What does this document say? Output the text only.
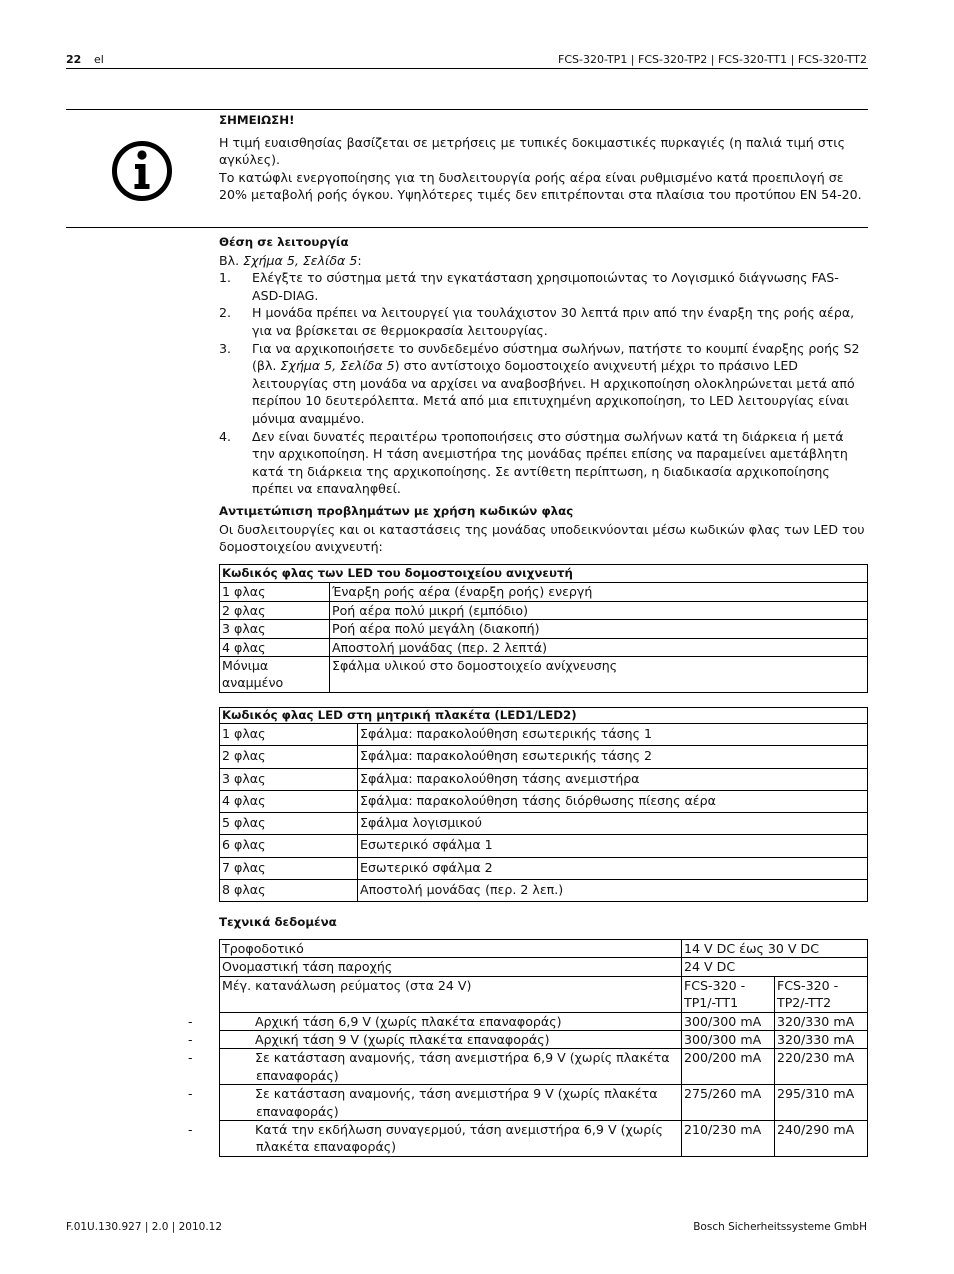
22 el	FCS-320-TP1 | FCS-320-TP2 | FCS-320-TT1 | FCS-320-TT2
ΣΗΜΕΙΩΣΗ!

Η τιμή ευαισθησίας βασίζεται σε μετρήσεις με τυπικές δοκιμαστικές πυρκαγιές (η παλιά τιμή στις αγκύλες).

Το κατώφλι ενεργοποίησης για τη δυσλειτουργία ροής αέρα είναι ρυθμισμένο κατά προεπιλογή σε 20% μεταβολή ροής όγκου. Υψηλότερες τιμές δεν επιτρέπονται στα πλαίσια του προτύπου EN 54-20.

Θέση σε λειτουργία

Βλ. Σχήμα 5, Σελίδα 5:

1. Ελέγξτε το σύστημα μετά την εγκατάσταση χρησιμοποιώντας το Λογισμικό διάγνωσης FAS-ASD-DIAG.
2. Η μονάδα πρέπει να λειτουργεί για τουλάχιστον 30 λεπτά πριν από την έναρξη της ροής αέρα, για να βρίσκεται σε θερμοκρασία λειτουργίας.
3. Για να αρχικοποιήσετε το συνδεδεμένο σύστημα σωλήνων, πατήστε το κουμπί έναρξης ροής S2 (βλ. Σχήμα 5, Σελίδα 5) στο αντίστοιχο δομοστοιχείο ανιχνευτή μέχρι το πράσινο LED λειτουργίας στη μονάδα να αρχίσει να αναβοσβήνει. Η αρχικοποίηση ολοκληρώνεται μετά από περίπου 10 δευτερόλεπτα. Μετά από μια επιτυχημένη αρχικοποίηση, το LED λειτουργίας είναι μόνιμα αναμμένο.
4. Δεν είναι δυνατές περαιτέρω τροποποιήσεις στο σύστημα σωλήνων κατά τη διάρκεια ή μετά την αρχικοποίηση. Η τάση ανεμιστήρα της μονάδας πρέπει επίσης να παραμείνει αμετάβλητη κατά τη διάρκεια της αρχικοποίησης. Σε αντίθετη περίπτωση, η διαδικασία αρχικοποίησης πρέπει να επαναληφθεί.
Αντιμετώπιση προβλημάτων με χρήση κωδικών φλας

Οι δυσλειτουργίες και οι καταστάσεις της μονάδας υποδεικνύονται μέσω κωδικών φλας των LED του δομοστοιχείου ανιχνευτή:

Κωδικός φλας των LED του δομοστοιχείου ανιχνευτή	
1 φλας	Έναρξη ροής αέρα (έναρξη ροής) ενεργή
2 φλας	Ροή αέρα πολύ μικρή (εμπόδιο)
3 φλας	Ροή αέρα πολύ μεγάλη (διακοπή)
4 φλας	Αποστολή μονάδας (περ. 2 λεπτά)
Μόνιμα αναμμένο	Σφάλμα υλικού στο δομοστοιχείο ανίχνευσης
Κωδικός φλας LED στη μητρική πλακέτα (LED1/LED2)	
1 φλας	Σφάλμα: παρακολούθηση εσωτερικής τάσης 1
2 φλας	Σφάλμα: παρακολούθηση εσωτερικής τάσης 2
3 φλας	Σφάλμα: παρακολούθηση τάσης ανεμιστήρα
4 φλας	Σφάλμα: παρακολούθηση τάσης διόρθωσης πίεσης αέρα
5 φλας	Σφάλμα λογισμικού
6 φλας	Εσωτερικό σφάλμα 1
7 φλας	Εσωτερικό σφάλμα 2
8 φλας	Αποστολή μονάδας (περ. 2 λεπ.)
Τεχνικά δεδομένα
Τροφοδοτικό	14 V DC έως 30 V DC	
Ονομαστική τάση παροχής	24 V DC	
Μέγ. κατανάλωση ρεύματος (στα 24 V)	FCS-320 -TP1/-TT1	FCS-320 -TP2/-TT2
- Αρχική τάση 6,9 V (χωρίς πλακέτα επαναφοράς)	300/300 mA	320/330 mA
- Αρχική τάση 9 V (χωρίς πλακέτα επαναφοράς)	300/300 mA	320/330 mA
- Σε κατάσταση αναμονής, τάση ανεμιστήρα 6,9 V (χωρίς πλακέτα επαναφοράς)	200/200 mA	220/230 mA
- Σε κατάσταση αναμονής, τάση ανεμιστήρα 9 V (χωρίς πλακέτα επαναφοράς)	275/260 mA	295/310 mA
- Κατά την εκδήλωση συναγερμού, τάση ανεμιστήρα 6,9 V (χωρίς πλακέτα επαναφοράς)	210/230 mA	240/290 mA
F.01U.130.927 | 2.0 | 2010.12	Bosch Sicherheitssysteme GmbH
